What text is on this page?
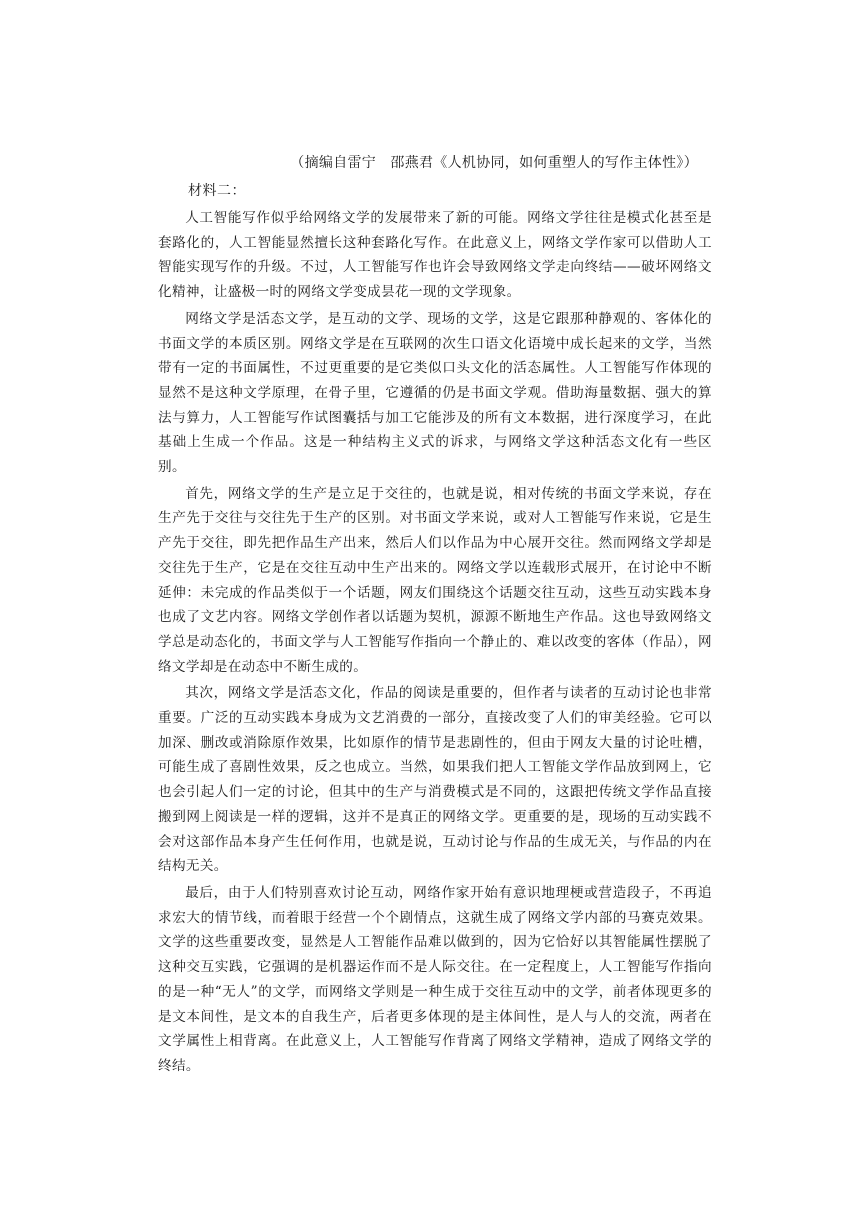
（摘编自雷宁　邵燕君《人机协同，如何重塑人的写作主体性》）
材料二：

人工智能写作似乎给网络文学的发展带来了新的可能。网络文学往往是模式化甚至是套路化的，人工智能显然擅长这种套路化写作。在此意义上，网络文学作家可以借助人工智能实现写作的升级。不过，人工智能写作也许会导致网络文学走向终结——破坏网络文化精神，让盛极一时的网络文学变成昙花一现的文学现象。

网络文学是活态文学，是互动的文学、现场的文学，这是它跟那种静观的、客体化的书面文学的本质区别。网络文学是在互联网的次生口语文化语境中成长起来的文学，当然带有一定的书面属性，不过更重要的是它类似口头文化的活态属性。人工智能写作体现的显然不是这种文学原理，在骨子里，它遵循的仍是书面文学观。借助海量数据、强大的算法与算力，人工智能写作试图囊括与加工它能涉及的所有文本数据，进行深度学习，在此基础上生成一个作品。这是一种结构主义式的诉求，与网络文学这种活态文化有一些区别。

首先，网络文学的生产是立足于交往的，也就是说，相对传统的书面文学来说，存在生产先于交往与交往先于生产的区别。对书面文学来说，或对人工智能写作来说，它是生产先于交往，即先把作品生产出来，然后人们以作品为中心展开交往。然而网络文学却是交往先于生产，它是在交往互动中生产出来的。网络文学以连载形式展开，在讨论中不断延伸：未完成的作品类似于一个话题，网友们围绕这个话题交往互动，这些互动实践本身也成了文艺内容。网络文学创作者以话题为契机，源源不断地生产作品。这也导致网络文学总是动态化的，书面文学与人工智能写作指向一个静止的、难以改变的客体（作品），网络文学却是在动态中不断生成的。

其次，网络文学是活态文化，作品的阅读是重要的，但作者与读者的互动讨论也非常重要。广泛的互动实践本身成为文艺消费的一部分，直接改变了人们的审美经验。它可以加深、删改或消除原作效果，比如原作的情节是悲剧性的，但由于网友大量的讨论吐槽，可能生成了喜剧性效果，反之也成立。当然，如果我们把人工智能文学作品放到网上，它也会引起人们一定的讨论，但其中的生产与消费模式是不同的，这跟把传统文学作品直接搬到网上阅读是一样的逻辑，这并不是真正的网络文学。更重要的是，现场的互动实践不会对这部作品本身产生任何作用，也就是说，互动讨论与作品的生成无关，与作品的内在结构无关。

最后，由于人们特别喜欢讨论互动，网络作家开始有意识地理梗或营造段子，不再追求宏大的情节线，而着眼于经营一个个剧情点，这就生成了网络文学内部的马赛克效果。文学的这些重要改变，显然是人工智能作品难以做到的，因为它恰好以其智能属性摆脱了这种交互实践，它强调的是机器运作而不是人际交往。在一定程度上，人工智能写作指向的是一种“无人”的文学，而网络文学则是一种生成于交往互动中的文学，前者体现更多的是文本间性，是文本的自我生产，后者更多体现的是主体间性，是人与人的交流，两者在文学属性上相背离。在此意义上，人工智能写作背离了网络文学精神，造成了网络文学的终结。
